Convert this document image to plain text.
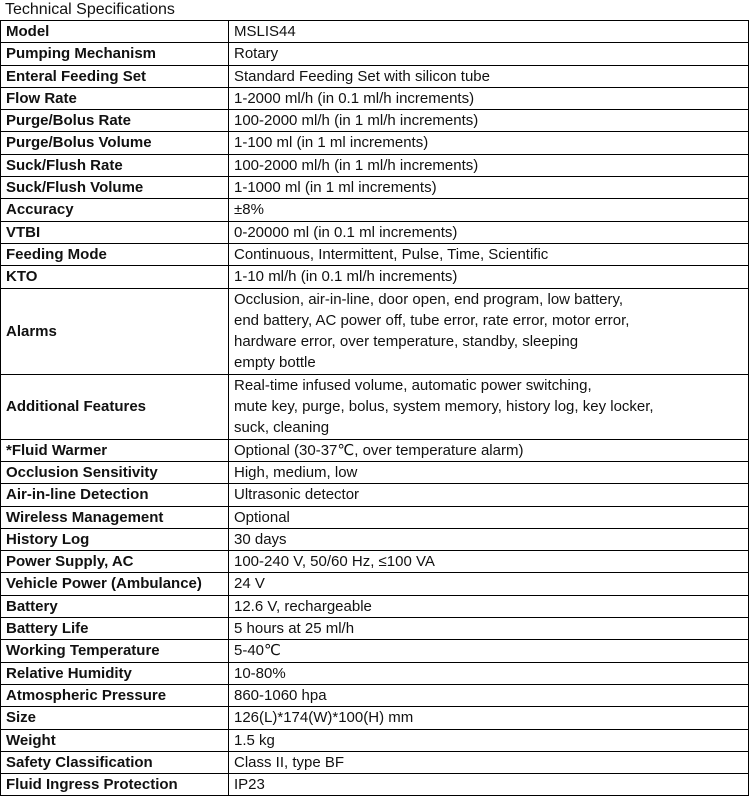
Technical Specifications
Model	MSLIS44

Pumping Mechanism	Rotary

Enteral Feeding Set	Standard Feeding Set with silicon tube

Flow Rate	1-2000 ml/h (in 0.1 ml/h increments)

Purge/Bolus Rate	100-2000 ml/h (in 1 ml/h increments)

Purge/Bolus Volume	1-100 ml (in 1 ml increments)

Suck/Flush Rate	100-2000 ml/h (in 1 ml/h increments)

Suck/Flush Volume	1-1000 ml (in 1 ml increments)

Accuracy	±8%

VTBI	0-20000 ml (in 0.1 ml increments)

Feeding Mode	Continuous, Intermittent, Pulse, Time, Scientific

KTO	1-10 ml/h (in 0.1 ml/h increments)

Alarms	Occlusion, air-in-line, door open, end program, low battery,
end battery, AC power off, tube error, rate error, motor error,
hardware error, over temperature, standby, sleeping
empty bottle

Additional Features	Real-time infused volume, automatic power switching,
mute key, purge, bolus, system memory, history log, key locker,
suck, cleaning

*Fluid Warmer	Optional (30-37℃, over temperature alarm)

Occlusion Sensitivity	High, medium, low

Air-in-line Detection	Ultrasonic detector

Wireless Management	Optional

History Log	30 days

Power Supply, AC	100-240 V, 50/60 Hz, ≤100 VA

Vehicle Power (Ambulance)	24 V

Battery	12.6 V, rechargeable

Battery Life	5 hours at 25 ml/h

Working Temperature	5-40℃

Relative Humidity	10-80%

Atmospheric Pressure	860-1060 hpa

Size	126(L)*174(W)*100(H) mm

Weight	1.5 kg

Safety Classification	Class II, type BF

Fluid Ingress Protection	IP23
